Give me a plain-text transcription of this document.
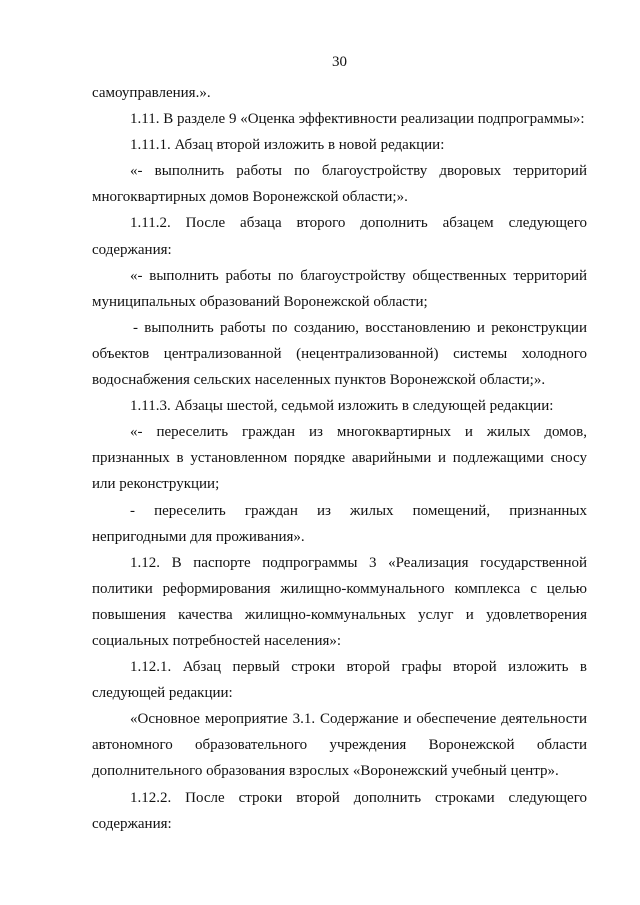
30
самоуправления.».
1.11. В разделе 9 «Оценка эффективности реализации подпрограммы»:
1.11.1. Абзац второй изложить в новой редакции:
«- выполнить работы по благоустройству дворовых территорий
многоквартирных домов Воронежской области;».
1.11.2. После абзаца второго дополнить абзацем следующего
содержания:
«- выполнить работы по благоустройству общественных территорий
муниципальных образований Воронежской области;
- выполнить работы по созданию, восстановлению и реконструкции
объектов централизованной (нецентрализованной) системы холодного
водоснабжения сельских населенных пунктов Воронежской области;».
1.11.3. Абзацы шестой, седьмой изложить в следующей редакции:
«- переселить граждан из многоквартирных и жилых домов,
признанных в установленном порядке аварийными и подлежащими сносу
или реконструкции;
- переселить граждан из жилых помещений, признанных
непригодными для проживания».
1.12. В паспорте подпрограммы 3 «Реализация государственной
политики реформирования жилищно-коммунального комплекса с целью
повышения качества жилищно-коммунальных услуг и удовлетворения
социальных потребностей населения»:
1.12.1. Абзац первый строки второй графы второй изложить в
следующей редакции:
«Основное мероприятие 3.1. Содержание и обеспечение деятельности
автономного образовательного учреждения Воронежской области
дополнительного образования взрослых «Воронежский учебный центр».
1.12.2. После строки второй дополнить строками следующего
содержания:
